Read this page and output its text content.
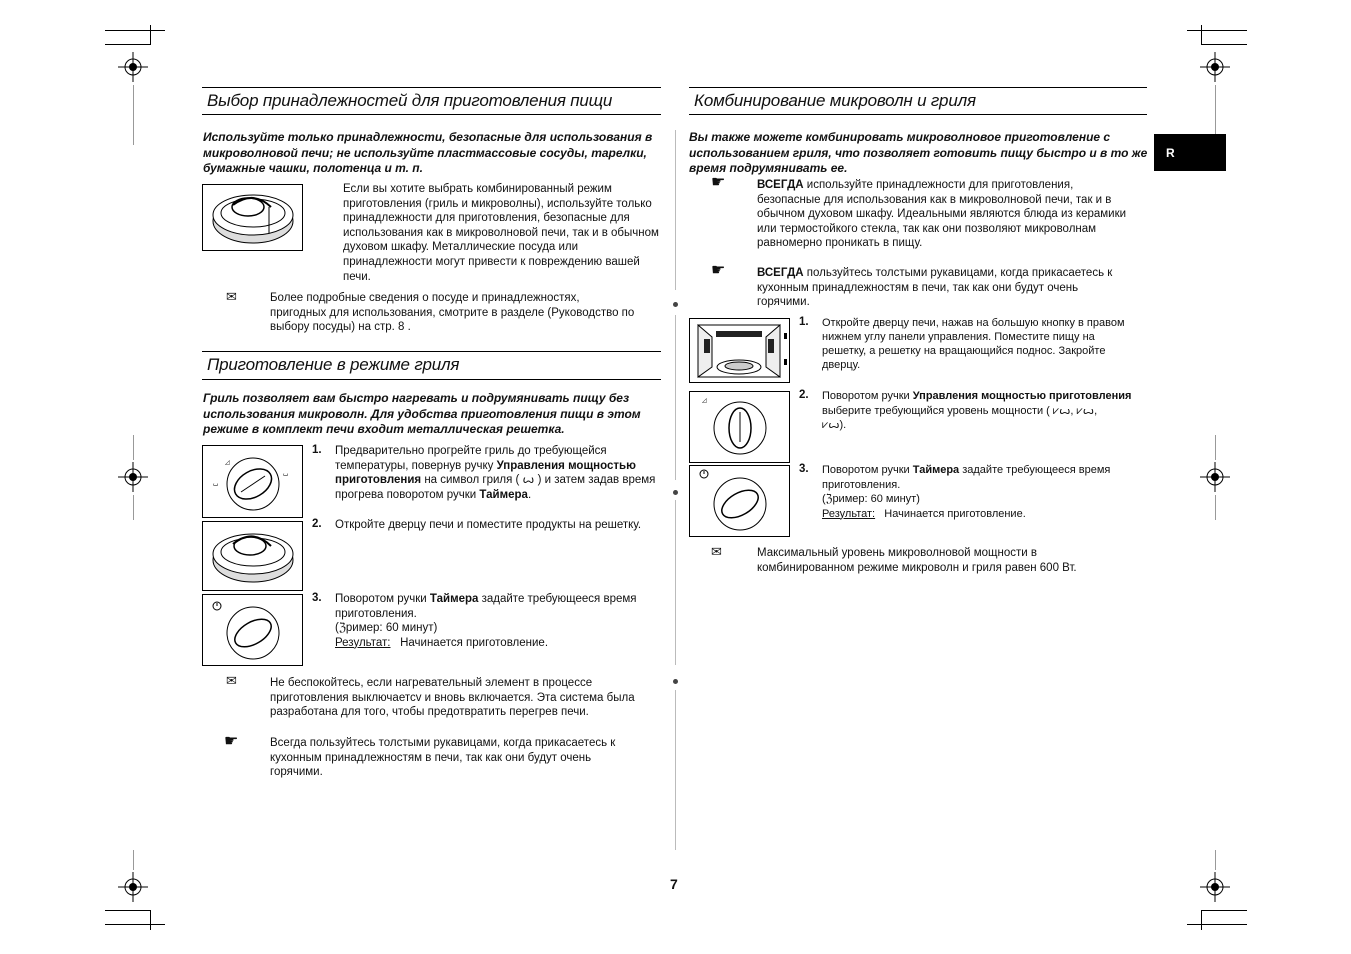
Выбор принадлежностей для приготовления пищи
Используйте только принадлежности, безопасные для использования в
микроволновой печи; не используйте пластмассовые сосуды, тарелки,
бумажные чашки, полотенца и т. п.
Если вы хотите выбрать комбинированный режим
приготовления (гриль и микроволны), используйте только
принадлежности для приготовления, безопасные для
использования как в микроволновой печи, так и в обычном
духовом шкафу. Металлические посуда или
принадлежности могут привести к повреждению вашей
печи.
✉	Более подробные сведения о посуде и принадлежностях,
пригодных для использования, смотрите в разделе (Руководство по
выбору посуды) на стр. 8 .
Приготовление в режиме гриля
Гриль позволяет вам быстро нагревать и подрумянивать пищу без
использования микроволн. Для удобства приготовления пищи в этом
режиме в комплект печи входит металлическая решетка.
◿
ꙍ
ꙍ
1. Предварительно прогрейте гриль до требующейся
температуры, повернув ручку Управления мощностью
приготовления на символ гриля ( ꙍ ) и затем задав время
прогрева поворотом ручки Таймера.
2. Откройте дверцу печи и поместите продукты на решетку.
3. Поворотом ручки Таймера задайте требующееся время
приготовления.
(ℨример: 60 минут)
Результат: Начинается приготовление.
✉	Не беспокойтесь, если нагревательный элемент в процессе
приготовления выключаетсv и вновь включается. Эта система была
разработана для того, чтобы предотвратить перегрев печи.
☛	Всегда пользуйтесь толстыми рукавицами, когда прикасаетесь к
кухонным принадлежностям в печи, так как они будут очень
горячими.
Комбинирование микроволн и гриля
Вы также можете комбинировать микроволновое приготовление с
использованием гриля, что позволяет готовить пищу быстро и в то же
время подрумянивать ее.
☛	ВСЕГДА используйте принадлежности для приготовления,
безопасные для использования как в микроволновой печи, так и в
обычном духовом шкафу. Идеальными являются блюда из керамики
или термостойкого стекла, так как они позволяют микроволнам
равномерно проникать в пищу.
☛	ВСЕГДА пользуйтесь толстыми рукавицами, когда прикасаетесь к
кухонным принадлежностям в печи, так как они будут очень
горячими.
1. Откройте дверцу печи, нажав на большую кнопку в правом
нижнем углу панели управления. Поместите пищу на
решетку, а решетку на вращающийся поднос. Закройте
дверцу.
◿	2. Поворотом ручки Управления мощностью приготовления
выберите требующийся уровень мощности ( ⩗ꙍ, ⩗ꙍ,
⩗ꙍ).
3. Поворотом ручки Таймера задайте требующееся время
приготовления.
(ℨример: 60 минут)
Результат: Начинается приготовление.
✉	Максимальный уровень микроволновой мощности в
комбинированном режиме микроволн и гриля равен 600 Вт.
R
7
